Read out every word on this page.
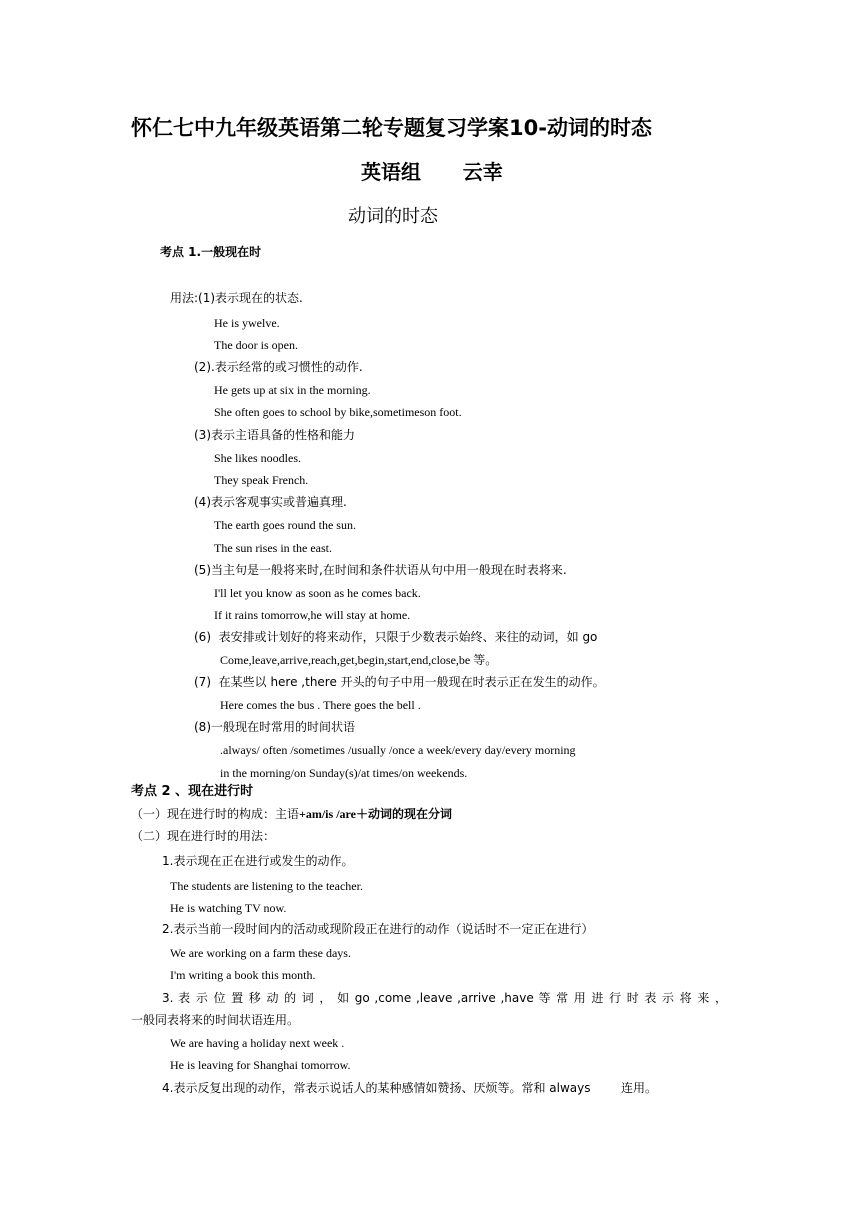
怀仁七中九年级英语第二轮专题复习学案10-动词的时态
英语组      云幸
动词的时态
考点 1.一般现在时
用法:(1)表示现在的状态.
He is ywelve.
The door is open.
(2).表示经常的或习惯性的动作.
He gets up at six in the morning.
She often goes to school by bike,sometimeson foot.
(3)表示主语具备的性格和能力
She likes noodles.
They speak French.
(4)表示客观事实或普遍真理.
The earth goes round the sun.
The sun rises in the east.
(5)当主句是一般将来时,在时间和条件状语从句中用一般现在时表将来.
I'll let you know as soon as he comes back.
If it rains tomorrow,he will stay at home.
(6)  表安排或计划好的将来动作，只限于少数表示始终、来往的动词，如 go
Come,leave,arrive,reach,get,begin,start,end,close,be 等。
(7)  在某些以 here ,there 开头的句子中用一般现在时表示正在发生的动作。
Here comes the bus . There goes the bell .
(8)一般现在时常用的时间状语
.always/ often /sometimes /usually /once a week/every day/every morning
in the morning/on Sunday(s)/at times/on weekends.
考点 2 、现在进行时
（一）现在进行时的构成：主语+am/is /are＋动词的现在分词
（二）现在进行时的用法：
1.表示现在正在进行或发生的动作。
The students are listening to the teacher.
He is watching TV now.
2.表示当前一段时间内的活动或现阶段正在进行的动作（说话时不一定正在进行）
We are working on a farm these days.
I'm writing a book this month.
3. 表 示 位 置 移 动 的 词 ， 如 go ,come ,leave ,arrive ,have 等 常 用 进 行 时 表 示 将 来 ，
一般同表将来的时间状语连用。
We are having a holiday next week .
He is leaving for Shanghai tomorrow.
4.表示反复出现的动作，常表示说话人的某种感情如赞扬、厌烦等。常和 always        连用。
